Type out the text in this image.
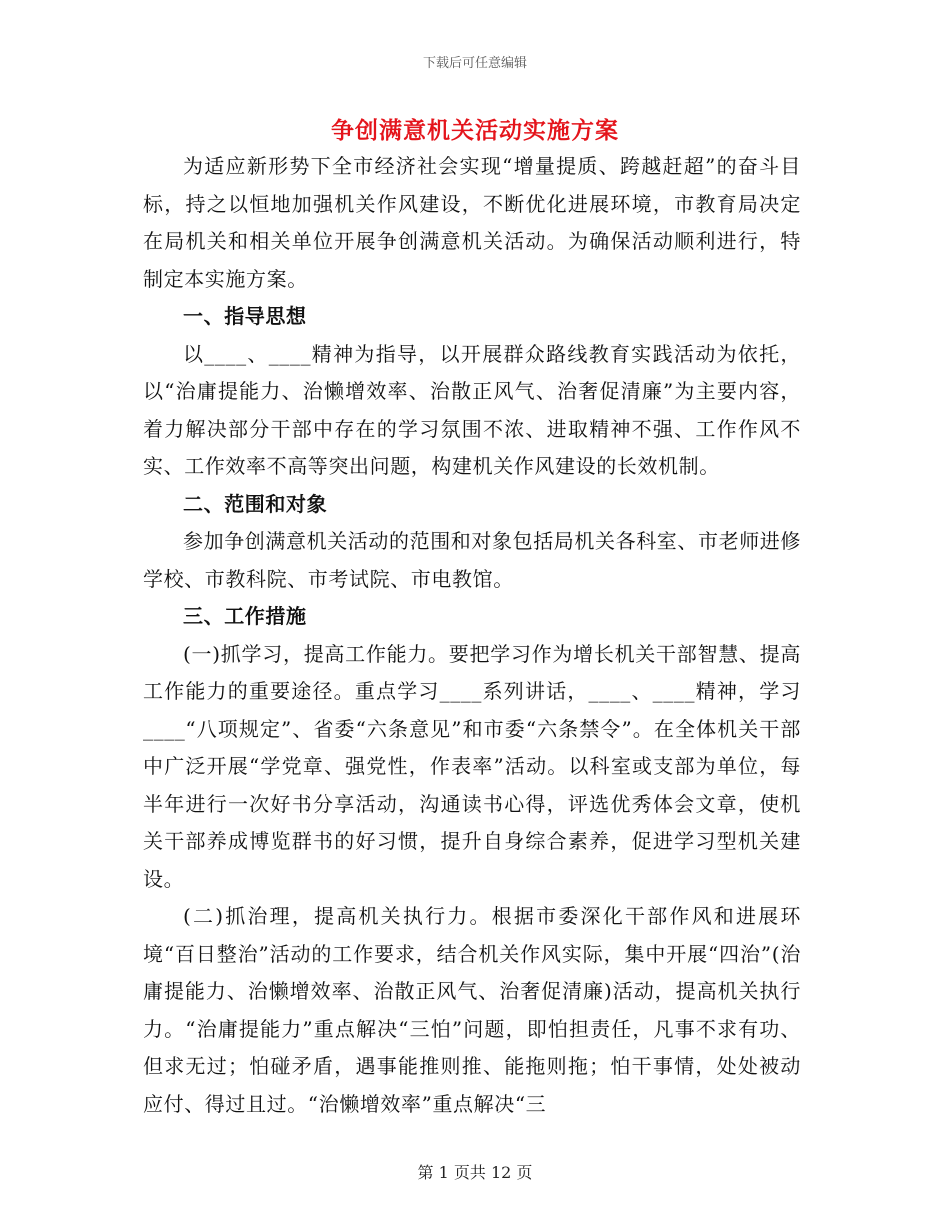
下载后可任意编辑
争创满意机关活动实施方案

为适应新形势下全市经济社会实现“增量提质、跨越赶超”的奋斗目标，持之以恒地加强机关作风建设，不断优化进展环境，市教育局决定在局机关和相关单位开展争创满意机关活动。为确保活动顺利进行，特制定本实施方案。

一、指导思想

以____、____精神为指导，以开展群众路线教育实践活动为依托，以“治庸提能力、治懒增效率、治散正风气、治奢促清廉”为主要内容，着力解决部分干部中存在的学习氛围不浓、进取精神不强、工作作风不实、工作效率不高等突出问题，构建机关作风建设的长效机制。

二、范围和对象

参加争创满意机关活动的范围和对象包括局机关各科室、市老师进修学校、市教科院、市考试院、市电教馆。

三、工作措施

(一)抓学习，提高工作能力。要把学习作为增长机关干部智慧、提高工作能力的重要途径。重点学习____系列讲话，____、____精神，学习____“八项规定”、省委“六条意见”和市委“六条禁令”。在全体机关干部中广泛开展“学党章、强党性，作表率”活动。以科室或支部为单位，每半年进行一次好书分享活动，沟通读书心得，评选优秀体会文章，使机关干部养成博览群书的好习惯，提升自身综合素养，促进学习型机关建设。

(二)抓治理，提高机关执行力。根据市委深化干部作风和进展环境“百日整治”活动的工作要求，结合机关作风实际，集中开展“四治”(治庸提能力、治懒增效率、治散正风气、治奢促清廉)活动，提高机关执行力。“治庸提能力”重点解决“三怕”问题，即怕担责任，凡事不求有功、但求无过；怕碰矛盾，遇事能推则推、能拖则拖；怕干事情，处处被动应付、得过且过。“治懒增效率”重点解决“三

第 1 页共 12 页
